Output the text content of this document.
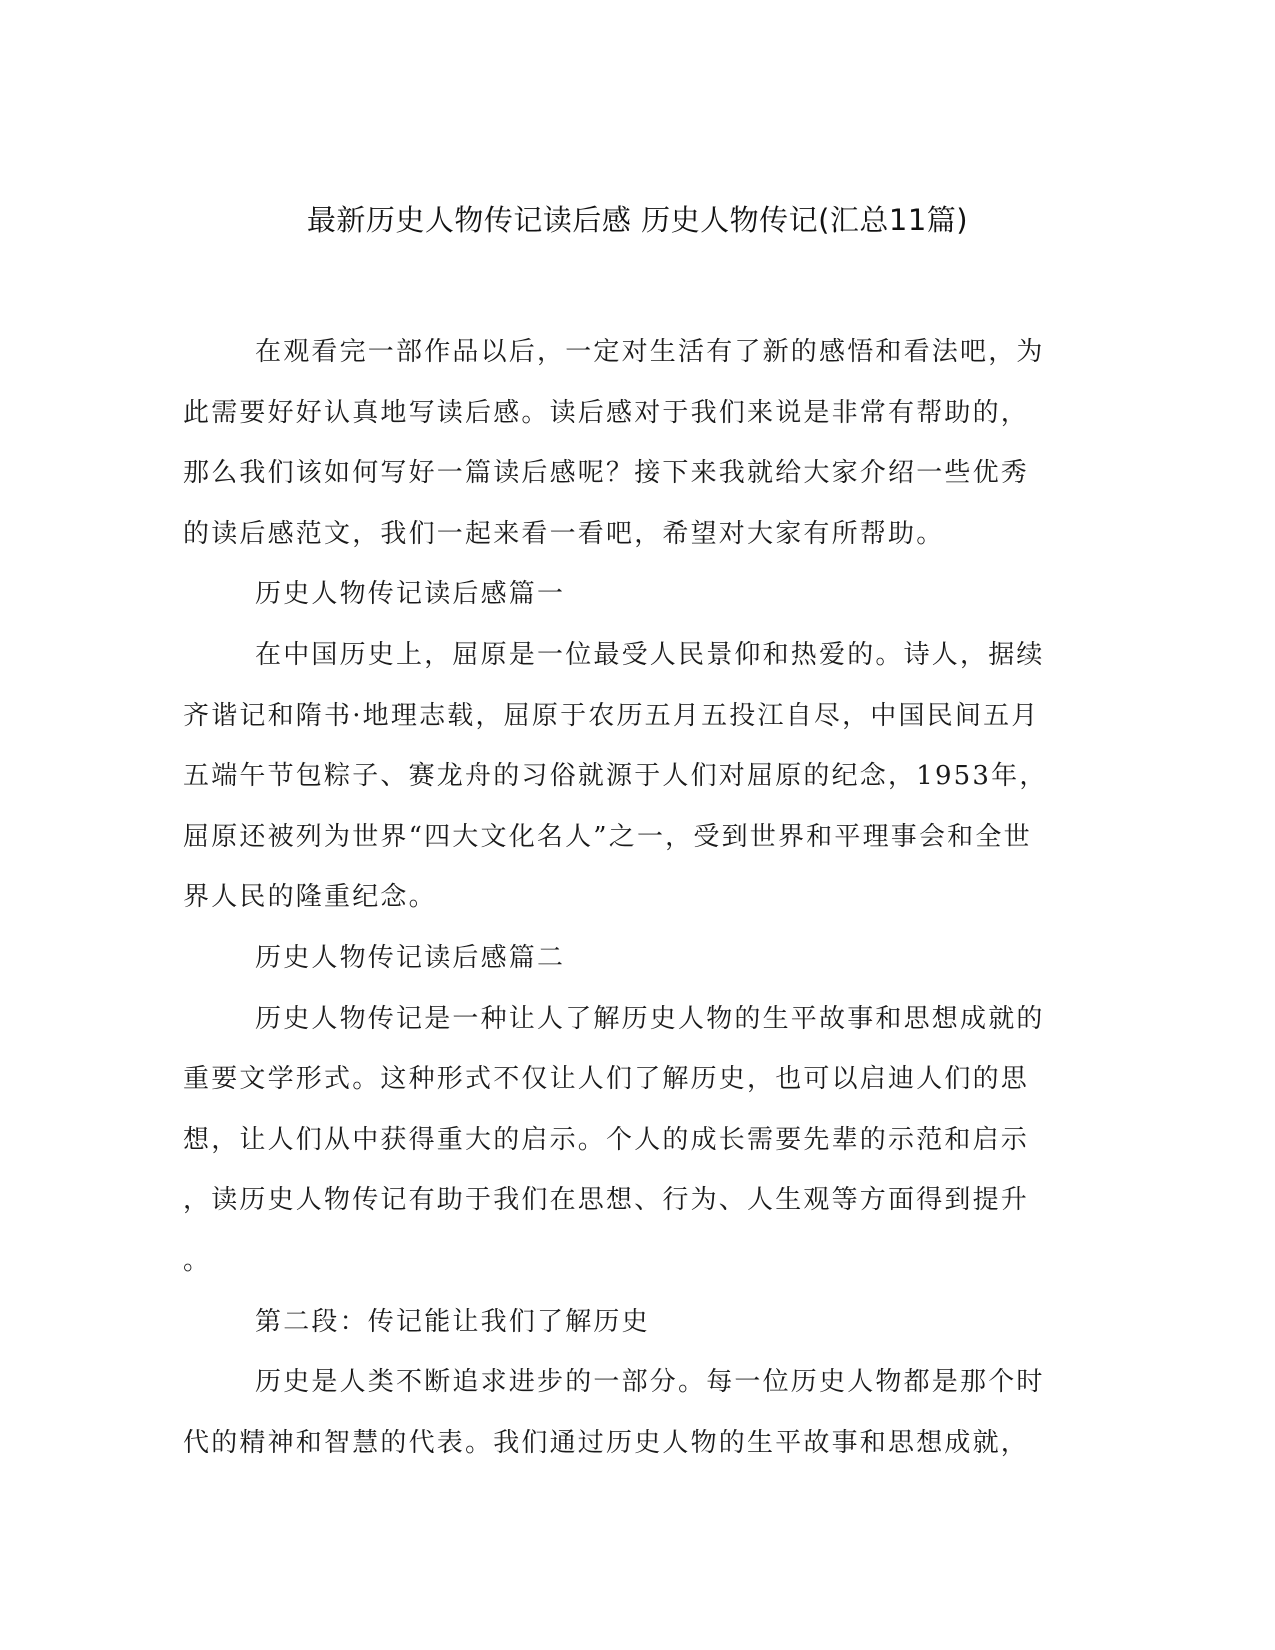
最新历史人物传记读后感 历史人物传记(汇总11篇)
在观看完一部作品以后，一定对生活有了新的感悟和看法吧，为
此需要好好认真地写读后感。读后感对于我们来说是非常有帮助的，
那么我们该如何写好一篇读后感呢？接下来我就给大家介绍一些优秀
的读后感范文，我们一起来看一看吧，希望对大家有所帮助。
历史人物传记读后感篇一
在中国历史上，屈原是一位最受人民景仰和热爱的。诗人，据续
齐谐记和隋书·地理志载，屈原于农历五月五投江自尽，中国民间五月
五端午节包粽子、赛龙舟的习俗就源于人们对屈原的纪念，1953年，
屈原还被列为世界“四大文化名人”之一，受到世界和平理事会和全世
界人民的隆重纪念。
历史人物传记读后感篇二
历史人物传记是一种让人了解历史人物的生平故事和思想成就的
重要文学形式。这种形式不仅让人们了解历史，也可以启迪人们的思
想，让人们从中获得重大的启示。个人的成长需要先辈的示范和启示
，读历史人物传记有助于我们在思想、行为、人生观等方面得到提升
。
第二段：传记能让我们了解历史
历史是人类不断追求进步的一部分。每一位历史人物都是那个时
代的精神和智慧的代表。我们通过历史人物的生平故事和思想成就，
